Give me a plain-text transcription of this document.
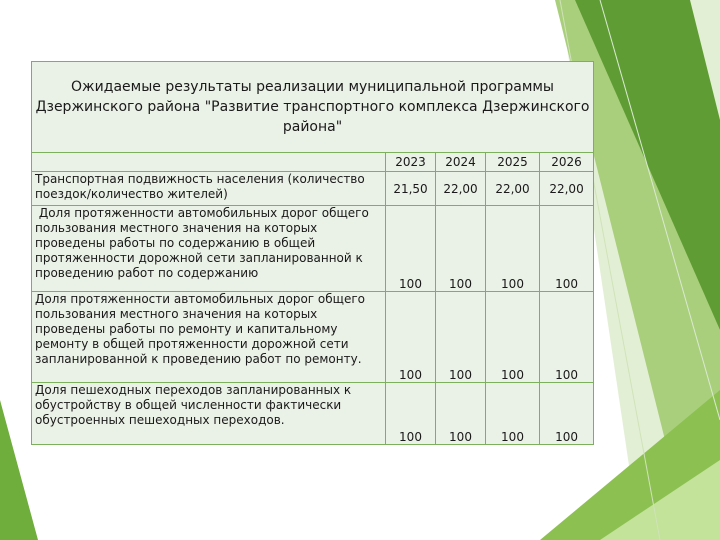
Ожидаемые результаты реализации муниципальной программы Дзержинского района "Развитие транспортного комплекса Дзержинского района"				
	2023	2024	2025	2026
Транспортная подвижность населения (количество поездок/количество жителей)	21,50	22,00	22,00	22,00
Доля протяженности автомобильных дорог общего пользования местного значения на которых проведены работы по содержанию в общей протяженности дорожной сети запланированной к проведению работ по содержанию	100	100	100	100
Доля протяженности автомобильных дорог общего пользования местного значения на которых проведены работы по ремонту и капитальному ремонту в общей протяженности дорожной сети запланированной к проведению работ по ремонту.	100	100	100	100
Доля пешеходных переходов запланированных к обустройству в общей численности фактически обустроенных пешеходных переходов.	100	100	100	100
